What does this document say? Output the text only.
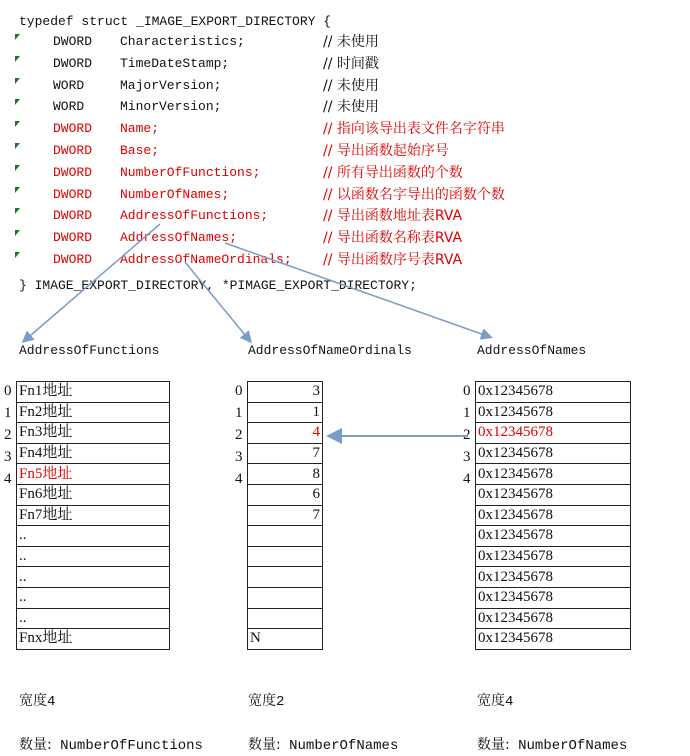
typedef struct _IMAGE_EXPORT_DIRECTORY {
DWORD Characteristics;	// 未使用
DWORD TimeDateStamp;	// 时间戳
WORD	MajorVersion;	// 未使用
WORD	MinorVersion;	// 未使用
DWORD Name;	// 指向该导出表文件名字符串
DWORD Base;	// 导出函数起始序号
DWORD NumberOfFunctions;	// 所有导出函数的个数
DWORD NumberOfNames;	// 以函数名字导出的函数个数
DWORD AddressOfFunctions;	// 导出函数地址表RVA
DWORD AddressOfNames;	// 导出函数名称表RVA
DWORD AddressOfNameOrdinals; // 导出函数序号表RVA
} IMAGE_EXPORT_DIRECTORY, *PIMAGE_EXPORT_DIRECTORY;
AddressOfFunctions
Fn1地址
Fn2地址
Fn3地址
Fn4地址
Fn5地址
Fn6地址
Fn7地址
..
..
..
..
..
Fnx地址
0
1
2
3
4
宽度4
数量: NumberOfFunctions
AddressOfNameOrdinals
3
1
4
7
8
6
7

N
0
1
2
3
4
宽度2
数量: NumberOfNames
AddressOfNames
0x12345678
0x12345678
0x12345678
0x12345678
0x12345678
0x12345678
0x12345678
0x12345678
0x12345678
0x12345678
0x12345678
0x12345678
0x12345678
0
1
2
3
4
宽度4
数量: NumberOfNames
